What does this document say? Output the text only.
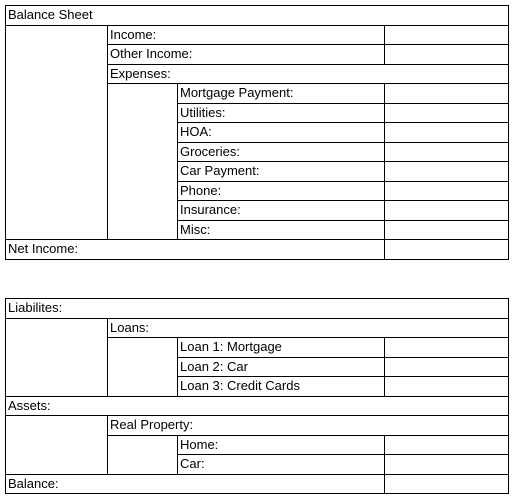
Balance Sheet			
	Income:		
	Other Income:		
	Expenses:		
		Mortgage Payment:	
		Utilities:	
		HOA:	
		Groceries:	
		Car Payment:	
		Phone:	
		Insurance:	
		Misc:	
Net Income:			
Liabilites:			
	Loans:		
		Loan 1: Mortgage	
		Loan 2: Car	
		Loan 3: Credit Cards	
Assets:			
	Real Property:		
		Home:	
		Car:	
Balance:			
